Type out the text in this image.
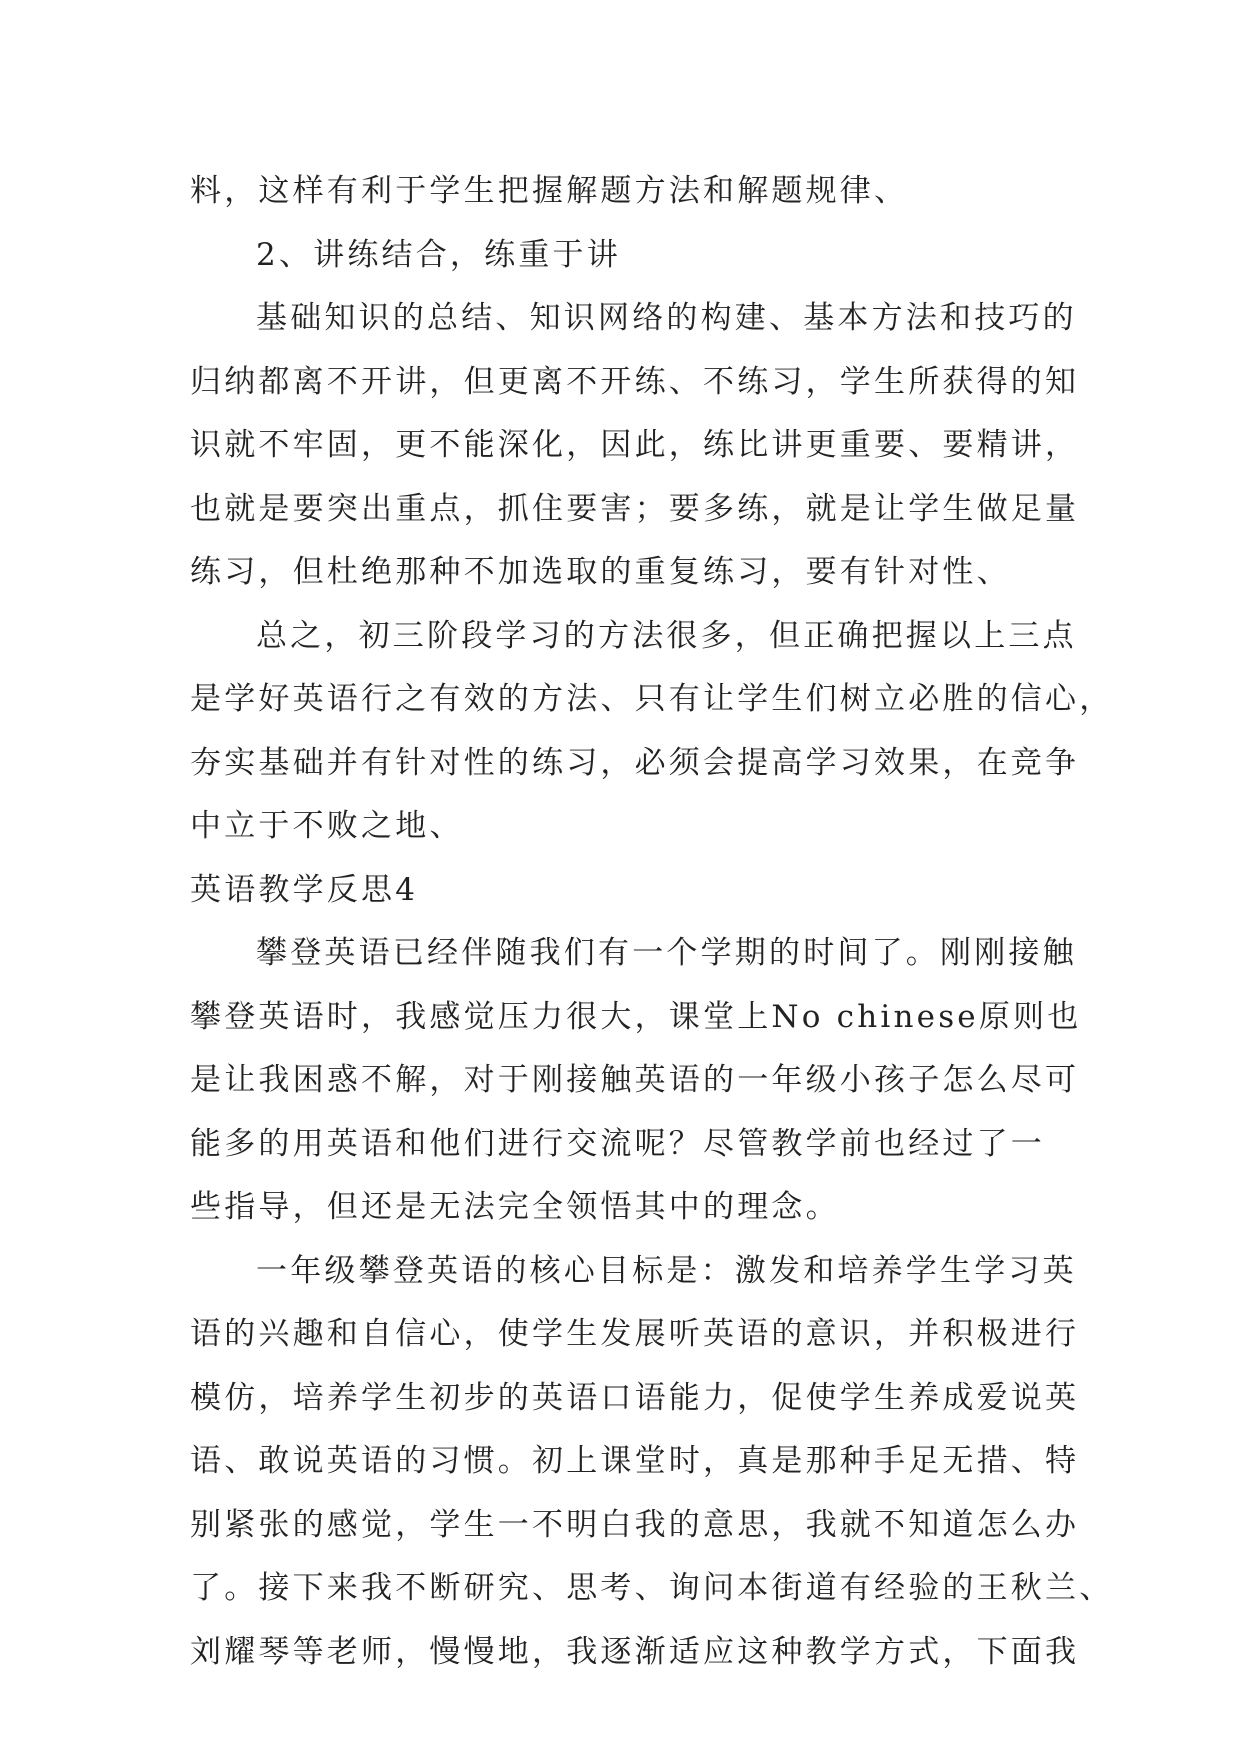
料，这样有利于学生把握解题方法和解题规律、
2、讲练结合，练重于讲
基础知识的总结、知识网络的构建、基本方法和技巧的
归纳都离不开讲，但更离不开练、不练习，学生所获得的知
识就不牢固，更不能深化，因此，练比讲更重要、要精讲，
也就是要突出重点，抓住要害；要多练，就是让学生做足量
练习，但杜绝那种不加选取的重复练习，要有针对性、
总之，初三阶段学习的方法很多，但正确把握以上三点
是学好英语行之有效的方法、只有让学生们树立必胜的信心，
夯实基础并有针对性的练习，必须会提高学习效果，在竞争
中立于不败之地、
英语教学反思4
攀登英语已经伴随我们有一个学期的时间了。刚刚接触
攀登英语时，我感觉压力很大，课堂上No chinese原则也
是让我困惑不解，对于刚接触英语的一年级小孩子怎么尽可
能多的用英语和他们进行交流呢？尽管教学前也经过了一
些指导，但还是无法完全领悟其中的理念。
一年级攀登英语的核心目标是：激发和培养学生学习英
语的兴趣和自信心，使学生发展听英语的意识，并积极进行
模仿，培养学生初步的英语口语能力，促使学生养成爱说英
语、敢说英语的习惯。初上课堂时，真是那种手足无措、特
别紧张的感觉，学生一不明白我的意思，我就不知道怎么办
了。接下来我不断研究、思考、询问本街道有经验的王秋兰、
刘耀琴等老师，慢慢地，我逐渐适应这种教学方式，下面我
